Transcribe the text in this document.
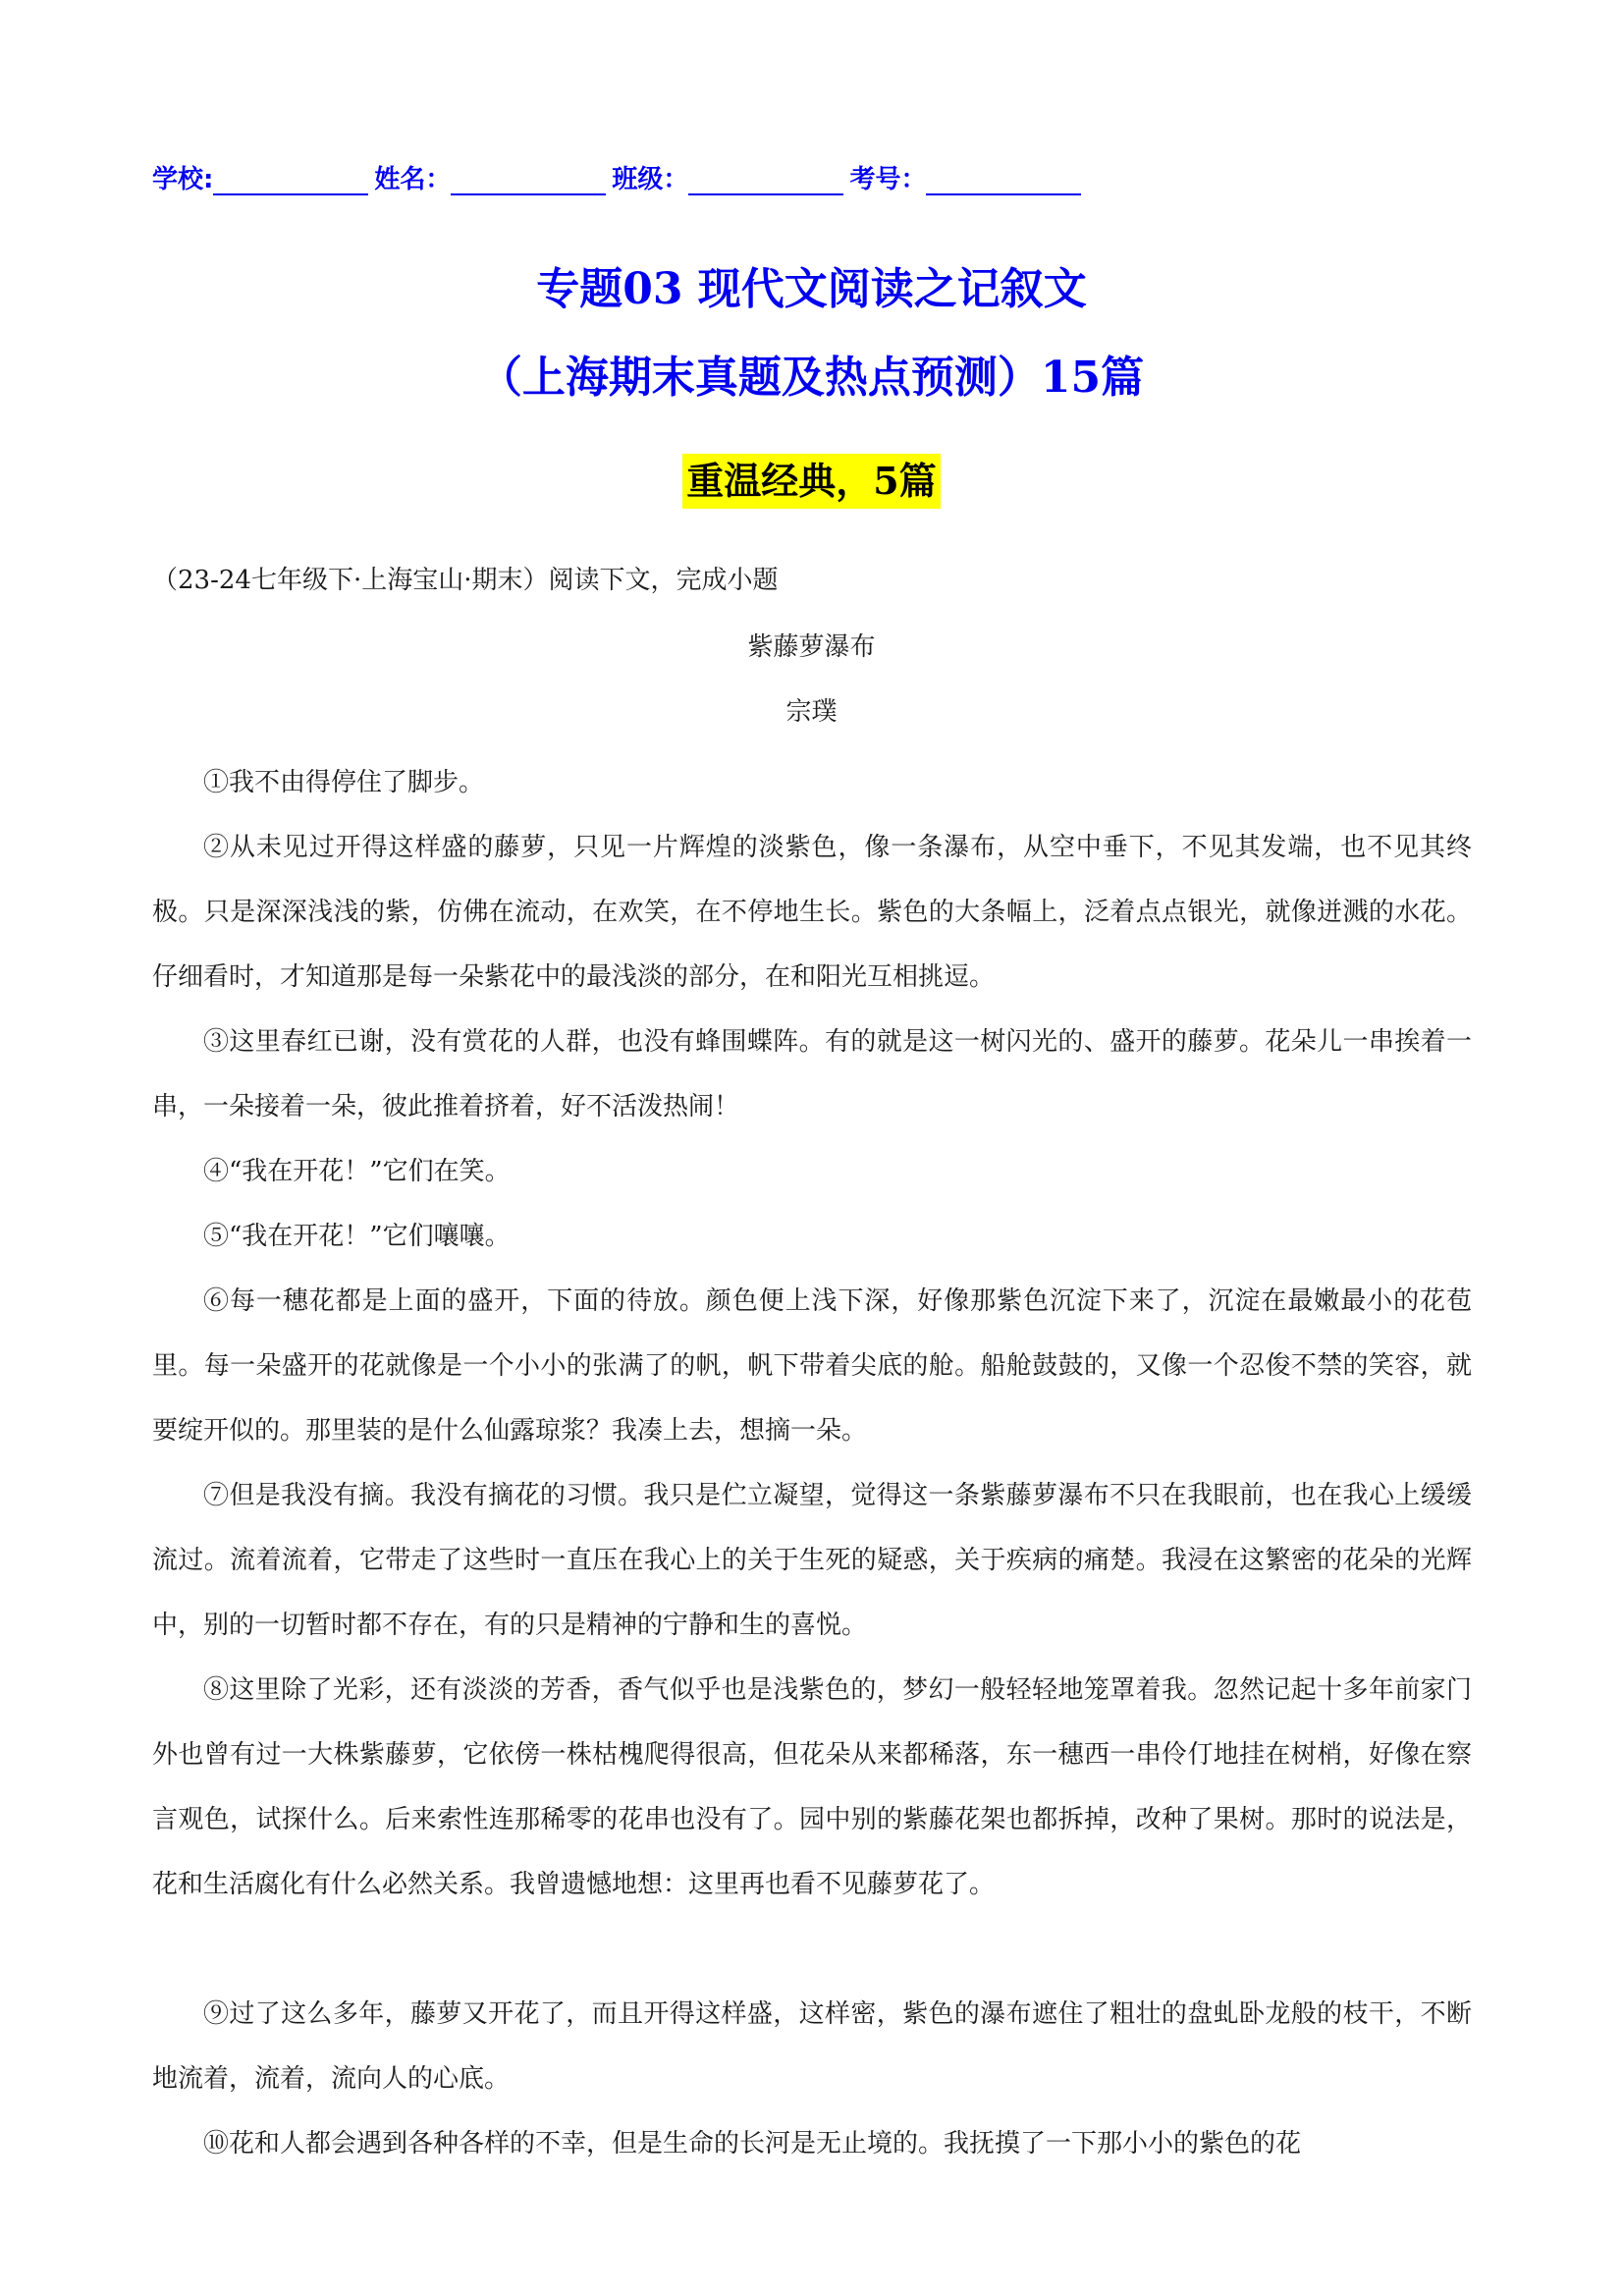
学校:	姓名：	班级：	考号：
专题03 现代文阅读之记叙文
（上海期末真题及热点预测）15篇
重温经典，5篇
（23-24七年级下·上海宝山·期末）阅读下文，完成小题
紫藤萝瀑布
宗璞

①我不由得停住了脚步。

②从未见过开得这样盛的藤萝，只见一片辉煌的淡紫色，像一条瀑布，从空中垂下，不见其发端，也不见其终极。只是深深浅浅的紫，仿佛在流动，在欢笑，在不停地生长。紫色的大条幅上，泛着点点银光，就像迸溅的水花。仔细看时，才知道那是每一朵紫花中的最浅淡的部分，在和阳光互相挑逗。

③这里春红已谢，没有赏花的人群，也没有蜂围蝶阵。有的就是这一树闪光的、盛开的藤萝。花朵儿一串挨着一串，一朵接着一朵，彼此推着挤着，好不活泼热闹！

④“我在开花！”它们在笑。

⑤“我在开花！”它们嚷嚷。

⑥每一穗花都是上面的盛开，下面的待放。颜色便上浅下深，好像那紫色沉淀下来了，沉淀在最嫩最小的花苞里。每一朵盛开的花就像是一个小小的张满了的帆，帆下带着尖底的舱。船舱鼓鼓的，又像一个忍俊不禁的笑容，就要绽开似的。那里装的是什么仙露琼浆？我凑上去，想摘一朵。

⑦但是我没有摘。我没有摘花的习惯。我只是伫立凝望，觉得这一条紫藤萝瀑布不只在我眼前，也在我心上缓缓流过。流着流着，它带走了这些时一直压在我心上的关于生死的疑惑，关于疾病的痛楚。我浸在这繁密的花朵的光辉中，别的一切暂时都不存在，有的只是精神的宁静和生的喜悦。

⑧这里除了光彩，还有淡淡的芳香，香气似乎也是浅紫色的，梦幻一般轻轻地笼罩着我。忽然记起十多年前家门外也曾有过一大株紫藤萝，它依傍一株枯槐爬得很高，但花朵从来都稀落，东一穗西一串伶仃地挂在树梢，好像在察言观色，试探什么。后来索性连那稀零的花串也没有了。园中别的紫藤花架也都拆掉，改种了果树。那时的说法是，花和生活腐化有什么必然关系。我曾遗憾地想：这里再也看不见藤萝花了。

⑨过了这么多年，藤萝又开花了，而且开得这样盛，这样密，紫色的瀑布遮住了粗壮的盘虬卧龙般的枝干，不断地流着，流着，流向人的心底。

⑩花和人都会遇到各种各样的不幸，但是生命的长河是无止境的。我抚摸了一下那小小的紫色的花
